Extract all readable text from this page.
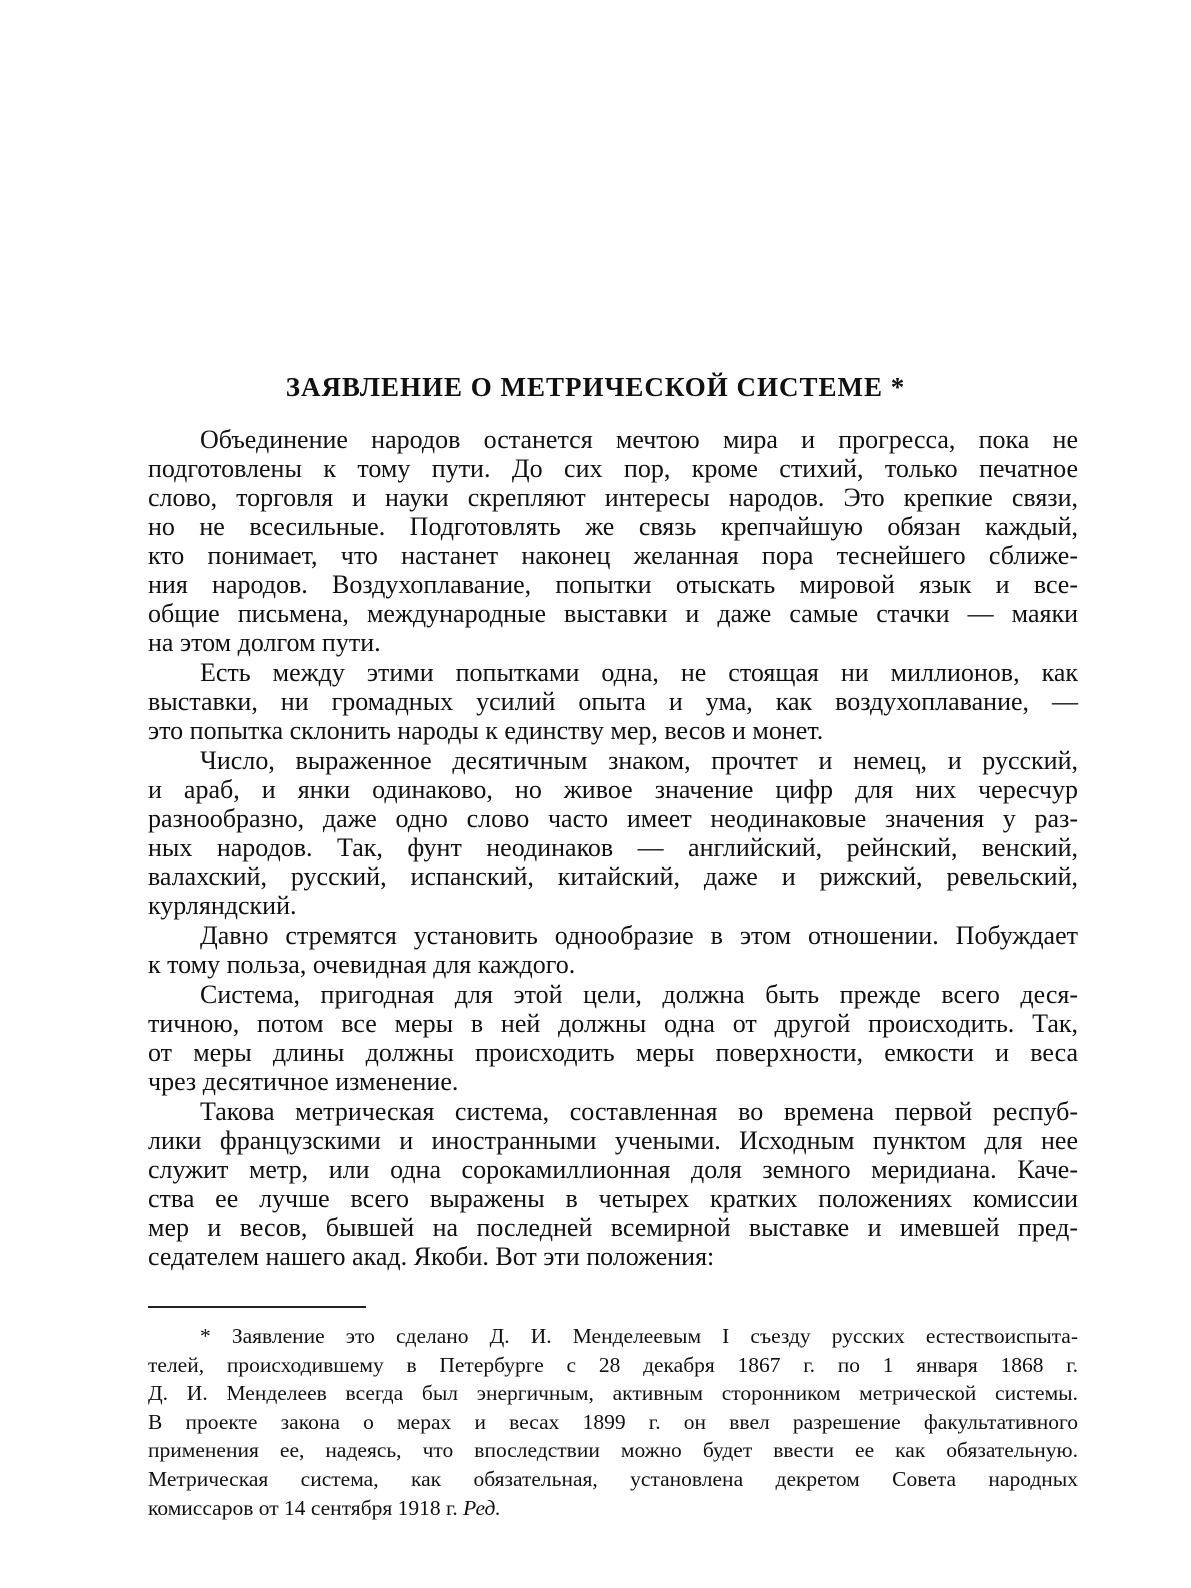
ЗАЯВЛЕНИЕ О МЕТРИЧЕСКОЙ СИСТЕМЕ *
Объединение народов останется мечтою мира и прогресса, пока не
подготовлены к тому пути. До сих пор, кроме стихий, только печатное
слово, торговля и науки скрепляют интересы народов. Это крепкие связи,
но не всесильные. Подготовлять же связь крепчайшую обязан каждый,
кто понимает, что настанет наконец желанная пора теснейшего сближе-
ния народов. Воздухоплавание, попытки отыскать мировой язык и все-
общие письмена, международные выставки и даже самые стачки — маяки
на этом долгом пути.
Есть между этими попытками одна, не стоящая ни миллионов, как
выставки, ни громадных усилий опыта и ума, как воздухоплавание, —
это попытка склонить народы к единству мер, весов и монет.
Число, выраженное десятичным знаком, прочтет и немец, и русский,
и араб, и янки одинаково, но живое значение цифр для них чересчур
разнообразно, даже одно слово часто имеет неодинаковые значения у раз-
ных народов. Так, фунт неодинаков — английский, рейнский, венский,
валахский, русский, испанский, китайский, даже и рижский, ревельский,
курляндский.
Давно стремятся установить однообразие в этом отношении. Побуждает
к тому польза, очевидная для каждого.
Система, пригодная для этой цели, должна быть прежде всего деся-
тичною, потом все меры в ней должны одна от другой происходить. Так,
от меры длины должны происходить меры поверхности, емкости и веса
чрез десятичное изменение.
Такова метрическая система, составленная во времена первой респуб-
лики французскими и иностранными учеными. Исходным пунктом для нее
служит метр, или одна сорокамиллионная доля земного меридиана. Каче-
ства ее лучше всего выражены в четырех кратких положениях комиссии
мер и весов, бывшей на последней всемирной выставке и имевшей пред-
седателем нашего акад. Якоби. Вот эти положения:
* Заявление это сделано Д. И. Менделеевым I съезду русских естествоиспыта-
телей, происходившему в Петербурге с 28 декабря 1867 г. по 1 января 1868 г.
Д. И. Менделеев всегда был энергичным, активным сторонником метрической системы.
В проекте закона о мерах и весах 1899 г. он ввел разрешение факультативного
применения ее, надеясь, что впоследствии можно будет ввести ее как обязательную.
Метрическая система, как обязательная, установлена декретом Совета народных
комиссаров от 14 сентября 1918 г. Ред.
